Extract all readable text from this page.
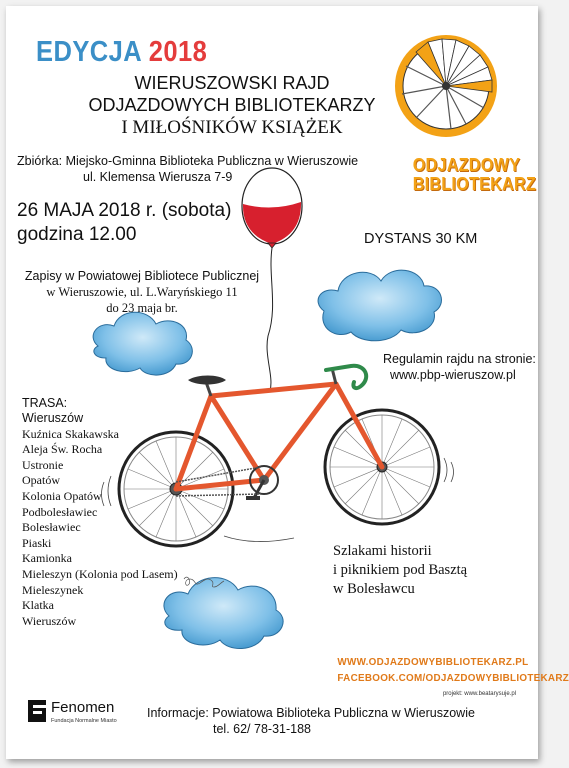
EDYCJA 2018
WIERUSZOWSKI RAJD
ODJAZDOWYCH BIBLIOTEKARZY
I MIŁOŚNIKÓW KSIĄŻEK
ODJAZDOWY
BIBLIOTEKARZ
Zbiórka: Miejsko-Gminna Biblioteka Publiczna w Wieruszowie
ul. Klemensa Wierusza 7-9
26 MAJA 2018 r. (sobota)
godzina 12.00	DYSTANS 30 KM
Zapisy w Powiatowej Bibliotece Publicznej
w Wieruszowie, ul. L.Waryńskiego 11
do 23 maja br.
Regulamin rajdu na stronie:
www.pbp-wieruszow.pl
TRASA:
Wieruszów
Kuźnica Skakawska
Aleja Św. Rocha
Ustronie
Opatów
Kolonia Opatów
Podbolesławiec
Bolesławiec
Piaski
Kamionka
Mieleszyn (Kolonia pod Lasem)
Mieleszynek
Klatka
Wieruszów
Szlakami historii
i piknikiem pod Basztą
w Bolesławcu
WWW.ODJAZDOWYBIBLIOTEKARZ.PL
FACEBOOK.COM/ODJAZDOWYBIBLIOTEKARZ
projekt: www.beatarysuje.pl
Fenomen
Fundacja Normalne Miasto
Informacje: Powiatowa Biblioteka Publiczna w Wieruszowie
tel. 62/ 78-31-188
